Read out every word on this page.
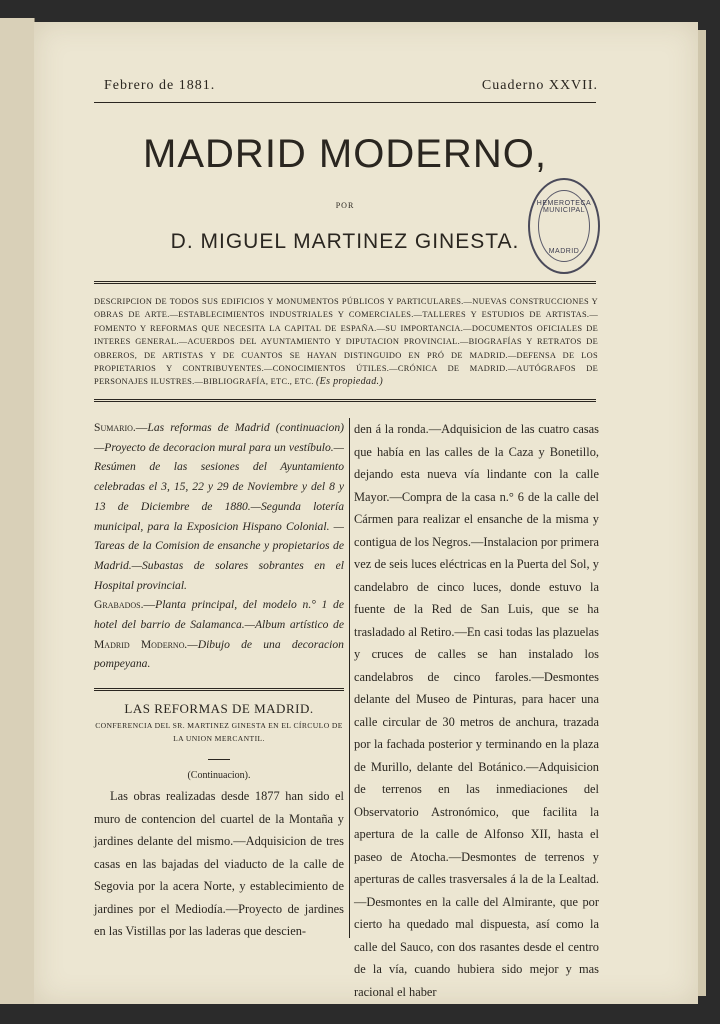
Febrero de 1881.	Cuaderno XXVII.
MADRID MODERNO,
POR
D. MIGUEL MARTINEZ GINESTA.
HEMEROTECA MUNICIPAL
MADRID
DESCRIPCION DE TODOS SUS EDIFICIOS Y MONUMENTOS PÚBLICOS Y PARTICULARES.—NUEVAS CONSTRUCCIONES Y OBRAS DE ARTE.—ESTABLECIMIENTOS INDUSTRIALES Y COMERCIALES.—TALLERES Y ESTUDIOS DE ARTISTAS.—FOMENTO Y REFORMAS QUE NECESITA LA CAPITAL DE ESPAÑA.—SU IMPORTANCIA.—DOCUMENTOS OFICIALES DE INTERES GENERAL.—ACUERDOS DEL AYUNTAMIENTO Y DIPUTACION PROVINCIAL.—BIOGRAFÍAS Y RETRATOS DE OBREROS, DE ARTISTAS Y DE CUANTOS SE HAYAN DISTINGUIDO EN PRÓ DE MADRID.—DEFENSA DE LOS PROPIETARIOS Y CONTRIBUYENTES.—CONOCIMIENTOS ÚTILES.—CRÓNICA DE MADRID.—AUTÓGRAFOS DE PERSONAJES ILUSTRES.—BIBLIOGRAFÍA, ETC., ETC. (Es propiedad.)
Sumario.—Las reformas de Madrid (continuacion) —Proyecto de decoracion mural para un vestíbulo.—Resúmen de las sesiones del Ayuntamiento celebradas el 3, 15, 22 y 29 de Noviembre y del 8 y 13 de Diciembre de 1880.—Segunda lotería municipal, para la Exposicion Hispano Colonial. —Tareas de la Comision de ensanche y propietarios de Madrid.—Subastas de solares sobrantes en el Hospital provincial.
Grabados.—Planta principal, del modelo n.° 1 de hotel del barrio de Salamanca.—Album artístico de Madrid Moderno.—Dibujo de una decoracion pompeyana.
LAS REFORMAS DE MADRID.
CONFERENCIA DEL SR. MARTINEZ GINESTA EN EL CÍRCULO DE LA UNION MERCANTIL.
(Continuacion).
Las obras realizadas desde 1877 han sido el muro de contencion del cuartel de la Montaña y jardines delante del mismo.—Adquisicion de tres casas en las bajadas del viaducto de la calle de Segovia por la acera Norte, y establecimiento de jardines por el Mediodía.—Proyecto de jardines en las Vistillas por las laderas que descien-
den á la ronda.—Adquisicion de las cuatro casas que había en las calles de la Caza y Bonetillo, dejando esta nueva vía lindante con la calle Mayor.—Compra de la casa n.° 6 de la calle del Cármen para realizar el ensanche de la misma y contigua de los Negros.—Instalacion por primera vez de seis luces eléctricas en la Puerta del Sol, y candelabro de cinco luces, donde estuvo la fuente de la Red de San Luis, que se ha trasladado al Retiro.—En casi todas las plazuelas y cruces de calles se han instalado los candelabros de cinco faroles.—Desmontes delante del Museo de Pinturas, para hacer una calle circular de 30 metros de anchura, trazada por la fachada posterior y terminando en la plaza de Murillo, delante del Botánico.—Adquisicion de terrenos en las inmediaciones del Observatorio Astronómico, que facilita la apertura de la calle de Alfonso XII, hasta el paseo de Atocha.—Desmontes de terrenos y aperturas de calles trasversales á la de la Lealtad.—Desmontes en la calle del Almirante, que por cierto ha quedado mal dispuesta, así como la calle del Sauco, con dos rasantes desde el centro de la vía, cuando hubiera sido mejor y mas racional el haber
